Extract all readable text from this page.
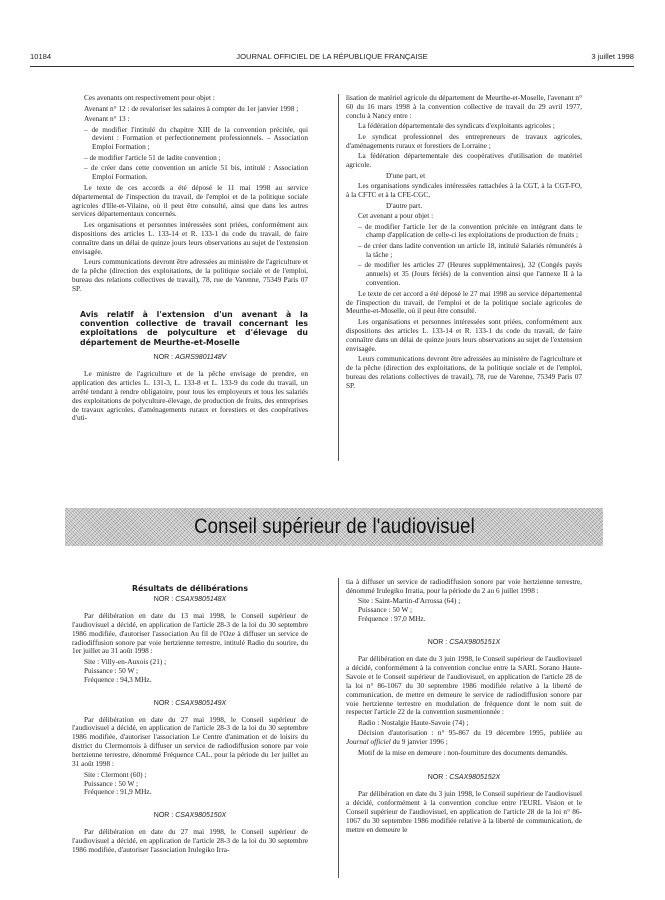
10184	JOURNAL OFFICIEL DE LA RÉPUBLIQUE FRANÇAISE	3 juillet 1998

Ces avenants ont respectivement pour objet :

Avenant n° 12 : de revaloriser les salaires à compter du 1er janvier 1998 ;

Avenant n° 13 :

– de modifier l'intitulé du chapitre XIII de la convention précitée, qui devient : Formation et perfectionnement professionnels. – Association Emploi Formation ;

– de modifier l'article 51 de ladite convention ;

– de créer dans cette convention un article 51 bis, intitulé : Association Emploi Formation.

Le texte de ces accords a été déposé le 11 mai 1998 au service départemental de l'inspection du travail, de l'emploi et de la politique sociale agricoles d'Ille-et-Vilaine, où il peut être consulté, ainsi que dans les autres services départementaux concernés.

Les organisations et personnes intéressées sont priées, conformément aux dispositions des articles L. 133-14 et R. 133-1 du code du travail, de faire connaître dans un délai de quinze jours leurs observations au sujet de l'extension envisagée.

Leurs communications devront être adressées au ministère de l'agriculture et de la pêche (direction des exploitations, de la politique sociale et de l'emploi, bureau des relations collectives de travail), 78, rue de Varenne, 75349 Paris 07 SP.

Avis relatif à l'extension d'un avenant à la convention collective de travail concernant les exploitations de polyculture et d'élevage du département de Meurthe-et-Moselle

NOR : AGRS9801148V

Le ministre de l'agriculture et de la pêche envisage de prendre, en application des articles L. 131-3, L. 133-8 et L. 133-9 du code du travail, un arrêté tendant à rendre obligatoire, pour tous les employeurs et tous les salariés des exploitations de polyculture-élevage, de production de fruits, des entreprises de travaux agricoles, d'aménagements ruraux et forestiers et des coopératives d'uti-

lisation de matériel agricole du département de Meurthe-et-Moselle, l'avenant n° 60 du 16 mars 1998 à la convention collective de travail du 29 avril 1977, conclu à Nancy entre :

La fédération départementale des syndicats d'exploitants agricoles ;

Le syndicat professionnel des entrepreneurs de travaux agricoles, d'aménagements ruraux et forestiers de Lorraine ;

La fédération départementale des coopératives d'utilisation de matériel agricole.

D'une part, et

Les organisations syndicales intéressées rattachées à la CGT, à la CGT-FO, à la CFTC et à la CFE-CGC,

D'autre part.

Cet avenant a pour objet :

– de modifier l'article 1er de la convention précitée en intégrant dans le champ d'application de celle-ci les exploitations de production de fruits ;

– de créer dans ladite convention un article 18, intitulé Salariés rémunérés à la tâche ;

– de modifier les articles 27 (Heures supplémentaires), 32 (Congés payés annuels) et 35 (Jours fériés) de la convention ainsi que l'annexe II à la convention.

Le texte de cet accord a été déposé le 27 mai 1998 au service départemental de l'inspection du travail, de l'emploi et de la politique sociale agricoles de Meurthe-et-Moselle, où il peut être consulté.

Les organisations et personnes intéressées sont priées, conformément aux dispositions des articles L. 133-14 et R. 133-1 du code du travail, de faire connaître dans un délai de quinze jours leurs observations au sujet de l'extension envisagée.

Leurs communications devront être adressées au ministère de l'agriculture et de la pêche (direction des exploitations, de la politique sociale et de l'emploi, bureau des relations collectives de travail), 78, rue de Varenne, 75349 Paris 07 SP.

Conseil supérieur de l'audiovisuel

Résultats de délibérations

NOR : CSAX9805148X

Par délibération en date du 13 mai 1998, le Conseil supérieur de l'audiovisuel a décidé, en application de l'article 28-3 de la loi du 30 septembre 1986 modifiée, d'autoriser l'association Au fil de l'Oze à diffuser un service de radiodiffusion sonore par voie hertzienne terrestre, intitulé Radio du sourire, du 1er juillet au 31 août 1998 :

Site : Villy-en-Auxois (21) ;

Puissance : 50 W ;

Fréquence : 94,3 MHz.

NOR : CSAX9805149X

Par délibération en date du 27 mai 1998, le Conseil supérieur de l'audiovisuel a décidé, en application de l'article 28-3 de la loi du 30 septembre 1986 modifiée, d'autoriser l'association Le Centre d'animation et de loisirs du district du Clermontois à diffuser un service de radiodiffusion sonore par voie hertzienne terrestre, dénommé Fréquence CAL, pour la période du 1er juillet au 31 août 1998 :

Site : Clermont (60) ;

Puissance : 50 W ;

Fréquence : 91,9 MHz.

NOR : CSAX9805150X

Par délibération en date du 27 mai 1998, le Conseil supérieur de l'audiovisuel a décidé, en application de l'article 28-3 de la loi du 30 septembre 1986 modifiée, d'autoriser l'association Irulegiko Irra-

tia à diffuser un service de radiodiffusion sonore par voie hertzienne terrestre, dénommé Irulegiko Irratia, pour la période du 2 au 6 juillet 1998 :

Site : Saint-Martin-d'Arrossa (64) ;

Puissance : 50 W ;

Fréquence : 97,0 MHz.

NOR : CSAX9805151X

Par délibération en date du 3 juin 1998, le Conseil supérieur de l'audiovisuel a décidé, conformément à la convention conclue entre la SARL Sorano Haute-Savoie et le Conseil supérieur de l'audiovisuel, en application de l'article 28 de la loi n° 86-1067 du 30 septembre 1986 modifiée relative à la liberté de communication, de mettre en demeure le service de radiodiffusion sonore par voie hertzienne terrestre en modulation de fréquence dont le nom suit de respecter l'article 22 de la convention susmentionnée :

Radio : Nostalgie Haute-Savoie (74) ;

Décision d'autorisation : n° 95-867 du 19 décembre 1995, publiée au Journal officiel du 9 janvier 1996 ;

Motif de la mise en demeure : non-fourniture des documents demandés.

NOR : CSAX9805152X

Par délibération en date du 3 juin 1998, le Conseil supérieur de l'audiovisuel a décidé, conformément à la convention conclue entre l'EURL Vision et le Conseil supérieur de l'audiovisuel, en application de l'article 28 de la loi n° 86-1067 du 30 septembre 1986 modifiée relative à la liberté de communication, de mettre en demeure le
